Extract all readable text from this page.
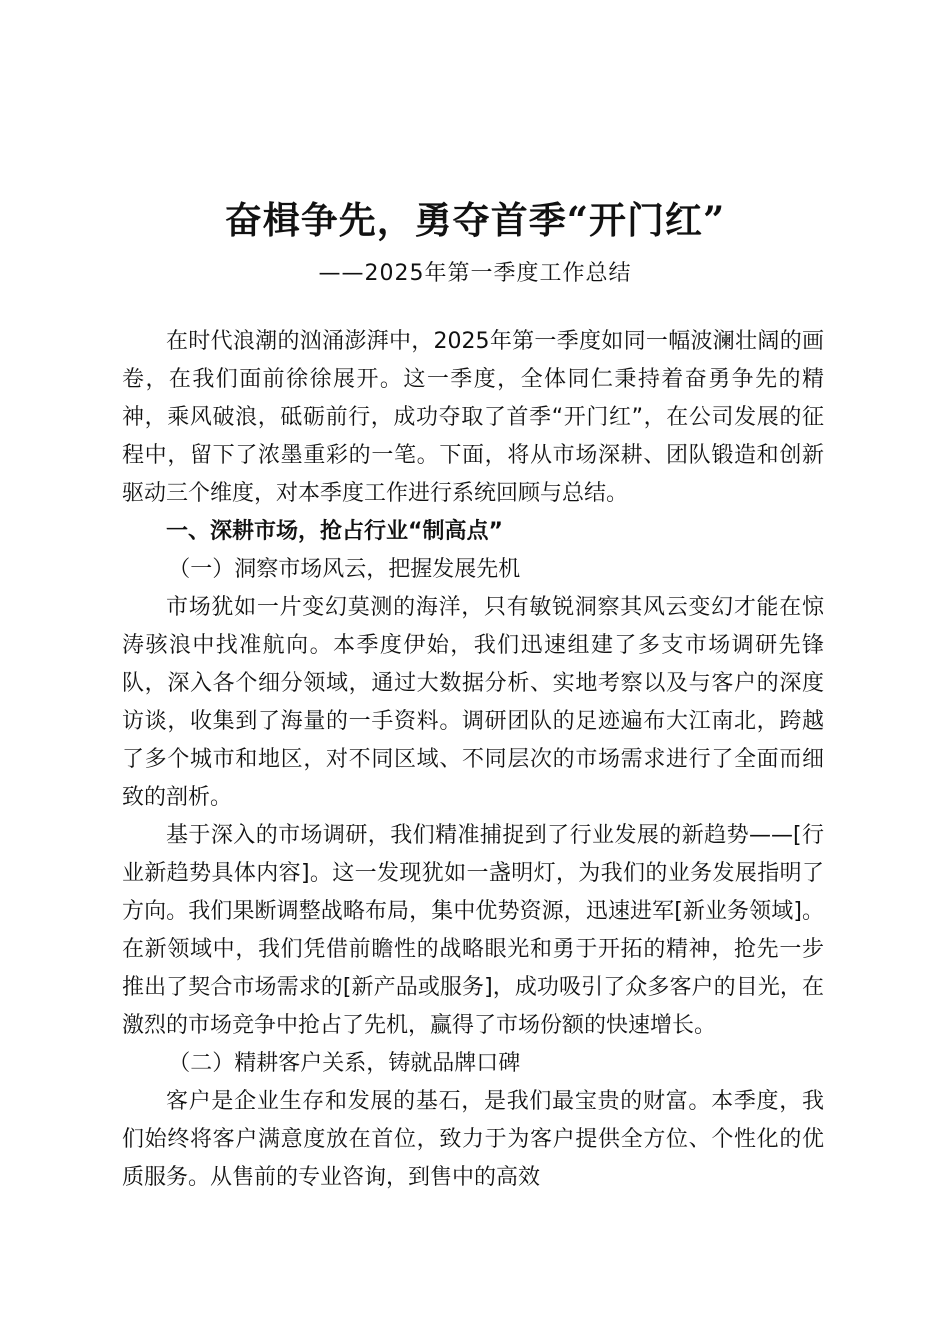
奋楫争先，勇夺首季“开门红”
——2025年第一季度工作总结

在时代浪潮的汹涌澎湃中，2025年第一季度如同一幅波澜壮阔的画卷，在我们面前徐徐展开。这一季度，全体同仁秉持着奋勇争先的精神，乘风破浪，砥砺前行，成功夺取了首季“开门红”，在公司发展的征程中，留下了浓墨重彩的一笔。下面，将从市场深耕、团队锻造和创新驱动三个维度，对本季度工作进行系统回顾与总结。

一、深耕市场，抢占行业“制高点”

（一）洞察市场风云，把握发展先机

市场犹如一片变幻莫测的海洋，只有敏锐洞察其风云变幻才能在惊涛骇浪中找准航向。本季度伊始，我们迅速组建了多支市场调研先锋队，深入各个细分领域，通过大数据分析、实地考察以及与客户的深度访谈，收集到了海量的一手资料。调研团队的足迹遍布大江南北，跨越了多个城市和地区，对不同区域、不同层次的市场需求进行了全面而细致的剖析。

基于深入的市场调研，我们精准捕捉到了行业发展的新趋势——[行业新趋势具体内容]。这一发现犹如一盏明灯，为我们的业务发展指明了方向。我们果断调整战略布局，集中优势资源，迅速进军[新业务领域]。在新领域中，我们凭借前瞻性的战略眼光和勇于开拓的精神，抢先一步推出了契合市场需求的[新产品或服务]，成功吸引了众多客户的目光，在激烈的市场竞争中抢占了先机，赢得了市场份额的快速增长。

（二）精耕客户关系，铸就品牌口碑

客户是企业生存和发展的基石，是我们最宝贵的财富。本季度，我们始终将客户满意度放在首位，致力于为客户提供全方位、个性化的优质服务。从售前的专业咨询，到售中的高效
